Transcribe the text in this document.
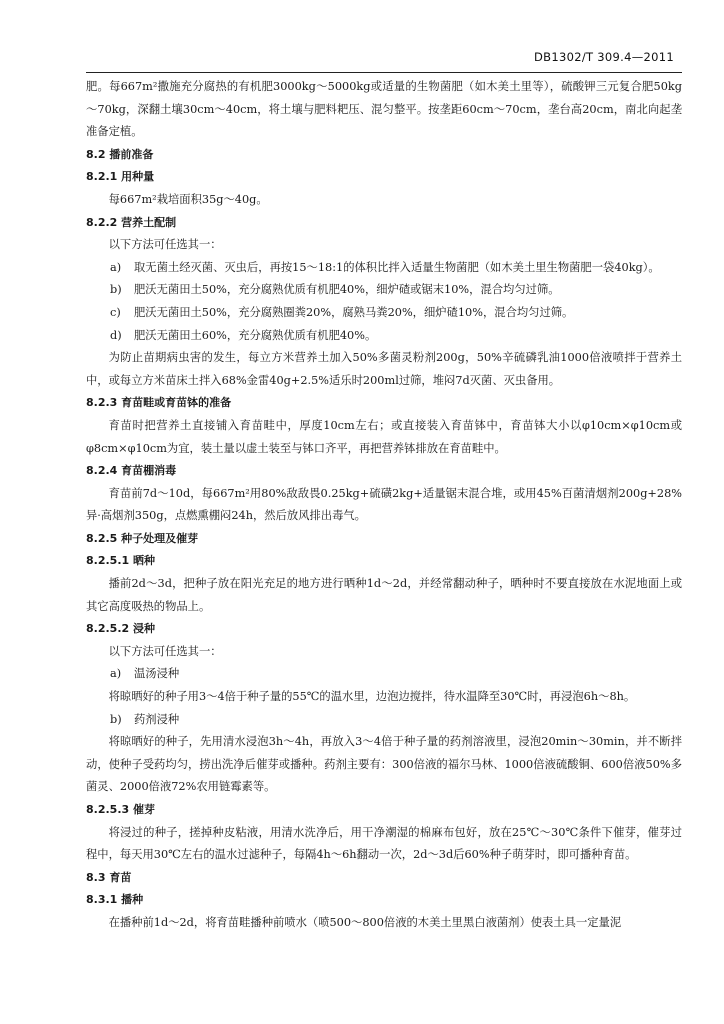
DB1302/T 309.4—2011

肥。每667m²撒施充分腐热的有机肥3000kg～5000kg或适量的生物菌肥（如木美土里等），硫酸钾三元复合肥50kg～70kg，深翻土壤30cm～40cm，将土壤与肥料耙压、混匀整平。按垄距60cm～70cm，垄台高20cm，南北向起垄准备定植。

8.2 播前准备

8.2.1 用种量

每667m²栽培面积35g～40g。

8.2.2 营养土配制

以下方法可任选其一：

a) 取无菌土经灭菌、灭虫后，再按15～18:1的体积比拌入适量生物菌肥（如木美土里生物菌肥一袋40kg）。

b) 肥沃无菌田土50%，充分腐熟优质有机肥40%，细炉碴或锯末10%，混合均匀过筛。

c) 肥沃无菌田土50%，充分腐熟圈粪20%，腐熟马粪20%，细炉碴10%，混合均匀过筛。

d) 肥沃无菌田土60%，充分腐熟优质有机肥40%。

为防止苗期病虫害的发生，每立方米营养土加入50%多菌灵粉剂200g，50%辛硫磷乳油1000倍液喷拌于营养土中，或每立方米苗床土拌入68%金雷40g+2.5%适乐时200ml过筛，堆闷7d灭菌、灭虫备用。

8.2.3 育苗畦或育苗钵的准备

育苗时把营养土直接铺入育苗畦中，厚度10cm左右；或直接装入育苗钵中，育苗钵大小以φ10cm×φ10cm或φ8cm×φ10cm为宜，装土量以虚土装至与钵口齐平，再把营养钵排放在育苗畦中。

8.2.4 育苗棚消毒

育苗前7d～10d，每667m²用80%敌敌畏0.25kg+硫磺2kg+适量锯末混合堆，或用45%百菌清烟剂200g+28%异·高烟剂350g，点燃熏棚闷24h，然后放风排出毒气。

8.2.5 种子处理及催芽

8.2.5.1 晒种

播前2d～3d，把种子放在阳光充足的地方进行晒种1d～2d，并经常翻动种子，晒种时不要直接放在水泥地面上或其它高度吸热的物品上。

8.2.5.2 浸种

以下方法可任选其一：

a) 温汤浸种

将晾晒好的种子用3～4倍于种子量的55℃的温水里，边泡边搅拌，待水温降至30℃时，再浸泡6h～8h。

b) 药剂浸种

将晾晒好的种子，先用清水浸泡3h～4h，再放入3～4倍于种子量的药剂溶液里，浸泡20min～30min，并不断拌动，使种子受药均匀，捞出洗净后催芽或播种。药剂主要有：300倍液的福尔马林、1000倍液硫酸铜、600倍液50%多菌灵、2000倍液72%农用链霉素等。

8.2.5.3 催芽

将浸过的种子，搓掉种皮粘液，用清水洗净后，用干净潮湿的棉麻布包好，放在25℃～30℃条件下催芽，催芽过程中，每天用30℃左右的温水过滤种子，每隔4h～6h翻动一次，2d～3d后60%种子萌芽时，即可播种育苗。

8.3 育苗

8.3.1 播种

在播种前1d～2d，将育苗畦播种前喷水（喷500～800倍液的木美土里黑白液菌剂）使表土具一定量泥
